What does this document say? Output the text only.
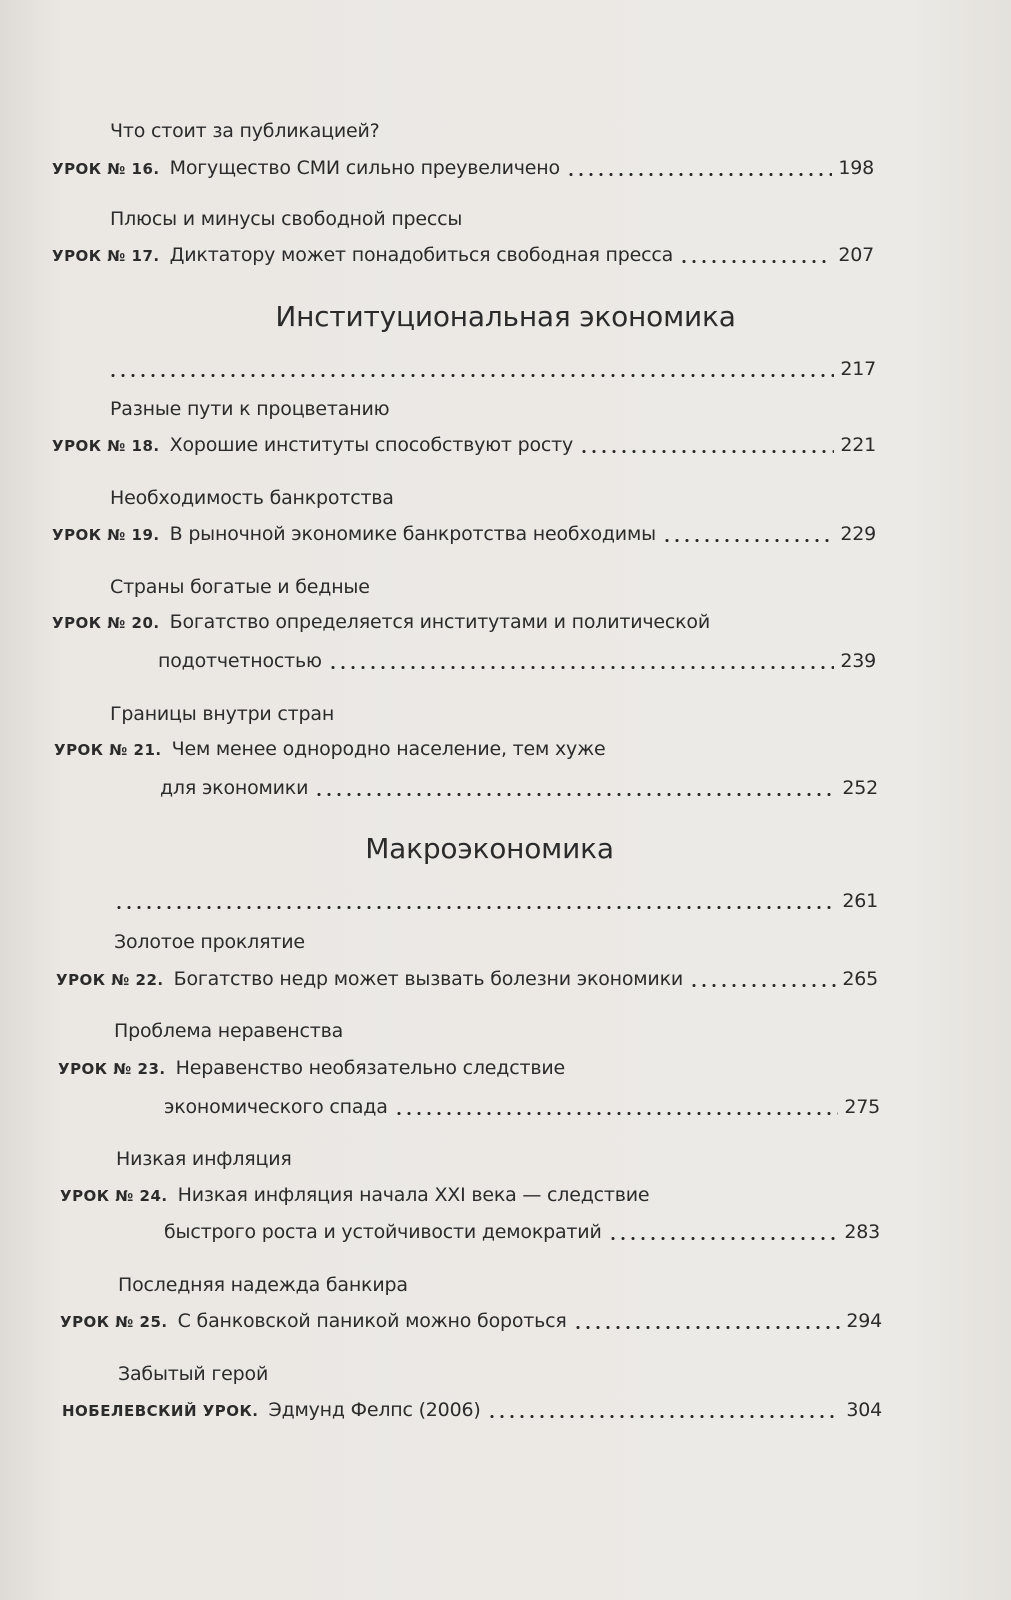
Что стоит за публикацией?
УРОК № 16. Могущество СМИ сильно преувеличено	198
Плюсы и минусы свободной прессы
УРОК № 17. Диктатору может понадобиться свободная пресса	207
Институциональная экономика
217
Разные пути к процветанию
УРОК № 18. Хорошие институты способствуют росту	221
Необходимость банкротства
УРОК № 19. В рыночной экономике банкротства необходимы	229
Страны богатые и бедные
УРОК № 20. Богатство определяется институтами и политической
подотчетностью	239
Границы внутри стран
УРОК № 21. Чем менее однородно население, тем хуже
для экономики	252
Макроэкономика
261
Золотое проклятие
УРОК № 22. Богатство недр может вызвать болезни экономики	265
Проблема неравенства
УРОК № 23. Неравенство необязательно следствие
экономического спада	275
Низкая инфляция
УРОК № 24. Низкая инфляция начала XXI века — следствие
быстрого роста и устойчивости демократий	283
Последняя надежда банкира
УРОК № 25. С банковской паникой можно бороться	294
Забытый герой
НОБЕЛЕВСКИЙ УРОК. Эдмунд Фелпс (2006)	304
